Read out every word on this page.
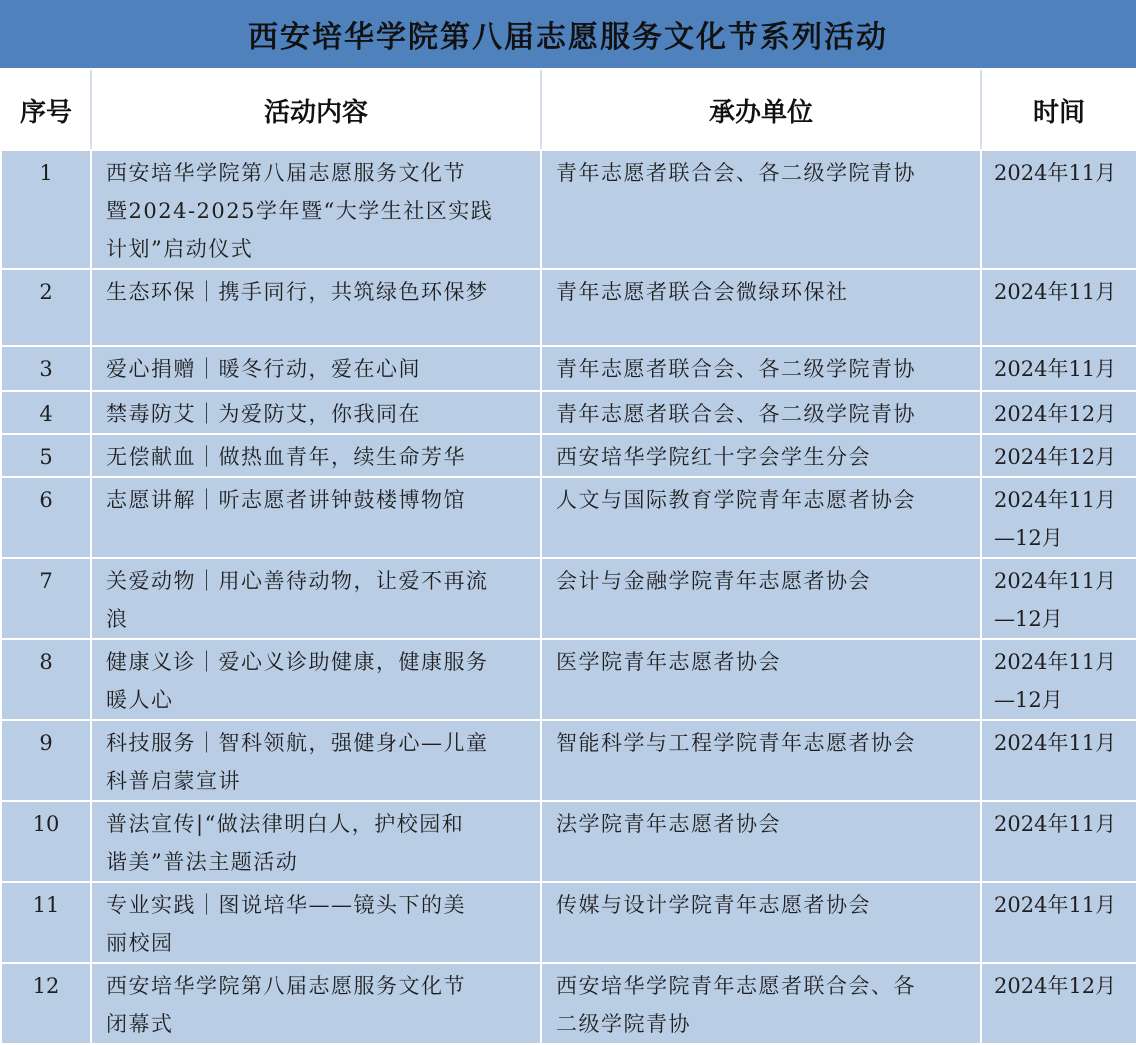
西安培华学院第八届志愿服务文化节系列活动
序号	活动内容	承办单位	时间
1	西安培华学院第八届志愿服务文化节
暨2024-2025学年暨“大学生社区实践
计划”启动仪式	青年志愿者联合会、各二级学院青协	2024年11月

2	生态环保｜携手同行，共筑绿色环保梦	青年志愿者联合会微绿环保社	2024年11月

3	爱心捐赠｜暖冬行动，爱在心间	青年志愿者联合会、各二级学院青协	2024年11月

4	禁毒防艾｜为爱防艾，你我同在	青年志愿者联合会、各二级学院青协	2024年12月

5	无偿献血｜做热血青年，续生命芳华	西安培华学院红十字会学生分会	2024年12月

6	志愿讲解｜听志愿者讲钟鼓楼博物馆	人文与国际教育学院青年志愿者协会	2024年11月
—12月

7	关爱动物｜用心善待动物，让爱不再流
浪	会计与金融学院青年志愿者协会	2024年11月
—12月

8	健康义诊｜爱心义诊助健康，健康服务
暖人心	医学院青年志愿者协会	2024年11月
—12月

9	科技服务｜智科领航，强健身心—儿童
科普启蒙宣讲	智能科学与工程学院青年志愿者协会	2024年11月

10	普法宣传|“做法律明白人，护校园和
谐美”普法主题活动	法学院青年志愿者协会	2024年11月

11	专业实践｜图说培华——镜头下的美
丽校园	传媒与设计学院青年志愿者协会	2024年11月

12	西安培华学院第八届志愿服务文化节
闭幕式	西安培华学院青年志愿者联合会、各
二级学院青协	2024年12月
